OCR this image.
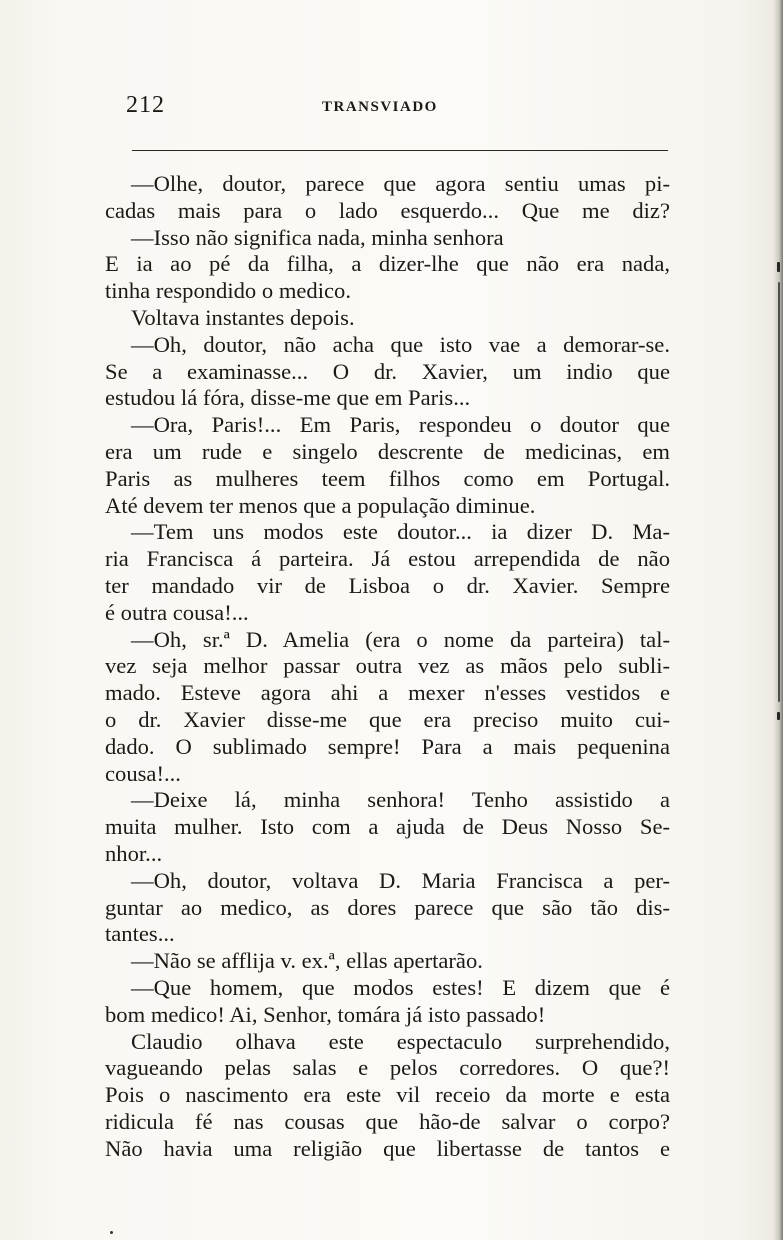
212	TRANSVIADO
—Olhe, doutor, parece que agora sentiu umas pi-
cadas mais para o lado esquerdo... Que me diz?
—Isso não significa nada, minha senhora
E ia ao pé da filha, a dizer-lhe que não era nada,
tinha respondido o medico.
Voltava instantes depois.
—Oh, doutor, não acha que isto vae a demorar-se.
Se a examinasse... O dr. Xavier, um indio que
estudou lá fóra, disse-me que em Paris...
—Ora, Paris!... Em Paris, respondeu o doutor que
era um rude e singelo descrente de medicinas, em
Paris as mulheres teem filhos como em Portugal.
Até devem ter menos que a população diminue.
—Tem uns modos este doutor... ia dizer D. Ma-
ria Francisca á parteira. Já estou arrependida de não
ter mandado vir de Lisboa o dr. Xavier. Sempre
é outra cousa!...
—Oh, sr.ª D. Amelia (era o nome da parteira) tal-
vez seja melhor passar outra vez as mãos pelo subli-
mado. Esteve agora ahi a mexer n'esses vestidos e
o dr. Xavier disse-me que era preciso muito cui-
dado. O sublimado sempre! Para a mais pequenina
cousa!...
—Deixe lá, minha senhora! Tenho assistido a
muita mulher. Isto com a ajuda de Deus Nosso Se-
nhor...
—Oh, doutor, voltava D. Maria Francisca a per-
guntar ao medico, as dores parece que são tão dis-
tantes...
—Não se afflija v. ex.ª, ellas apertarão.
—Que homem, que modos estes! E dizem que é
bom medico! Ai, Senhor, tomára já isto passado!
Claudio olhava este espectaculo surprehendido,
vagueando pelas salas e pelos corredores. O que?!
Pois o nascimento era este vil receio da morte e esta
ridicula fé nas cousas que hão-de salvar o corpo?
Não havia uma religião que libertasse de tantos e
